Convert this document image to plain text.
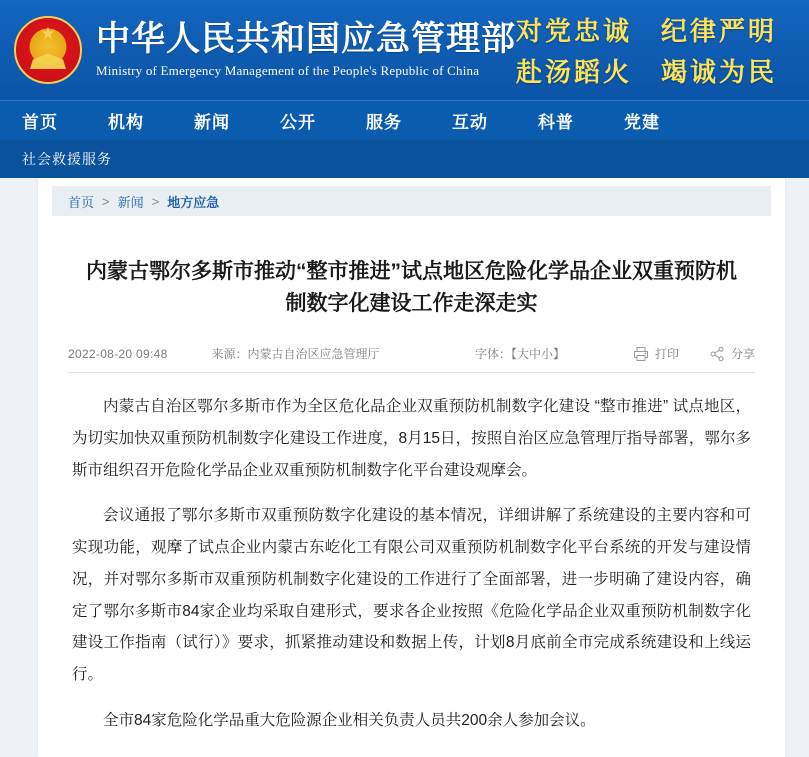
★
中华人民共和国应急管理部
Ministry of Emergency Management of the People's Republic of China
对党忠诚　纪律严明
赴汤蹈火　竭诚为民
首页	机构	新闻	公开	服务	互动	科普	党建
社会救援服务
首页 > 新闻 > 地方应急
内蒙古鄂尔多斯市推动“整市推进”试点地区危险化学品企业双重预防机制数字化建设工作走深走实
2022-08-20 09:48	来源：内蒙古自治区应急管理厅	字体：【大中小】	打印	分享

内蒙古自治区鄂尔多斯市作为全区危化品企业双重预防机制数字化建设 “整市推进” 试点地区，为切实加快双重预防机制数字化建设工作进度，8月15日，按照自治区应急管理厅指导部署，鄂尔多斯市组织召开危险化学品企业双重预防机制数字化平台建设观摩会。

会议通报了鄂尔多斯市双重预防数字化建设的基本情况，详细讲解了系统建设的主要内容和可实现功能，观摩了试点企业内蒙古东屹化工有限公司双重预防机制数字化平台系统的开发与建设情况，并对鄂尔多斯市双重预防机制数字化建设的工作进行了全面部署，进一步明确了建设内容，确定了鄂尔多斯市84家企业均采取自建形式，要求各企业按照《危险化学品企业双重预防机制数字化建设工作指南（试行）》要求，抓紧推动建设和数据上传，计划8月底前全市完成系统建设和上线运行。

全市84家危险化学品重大危险源企业相关负责人员共200余人参加会议。
